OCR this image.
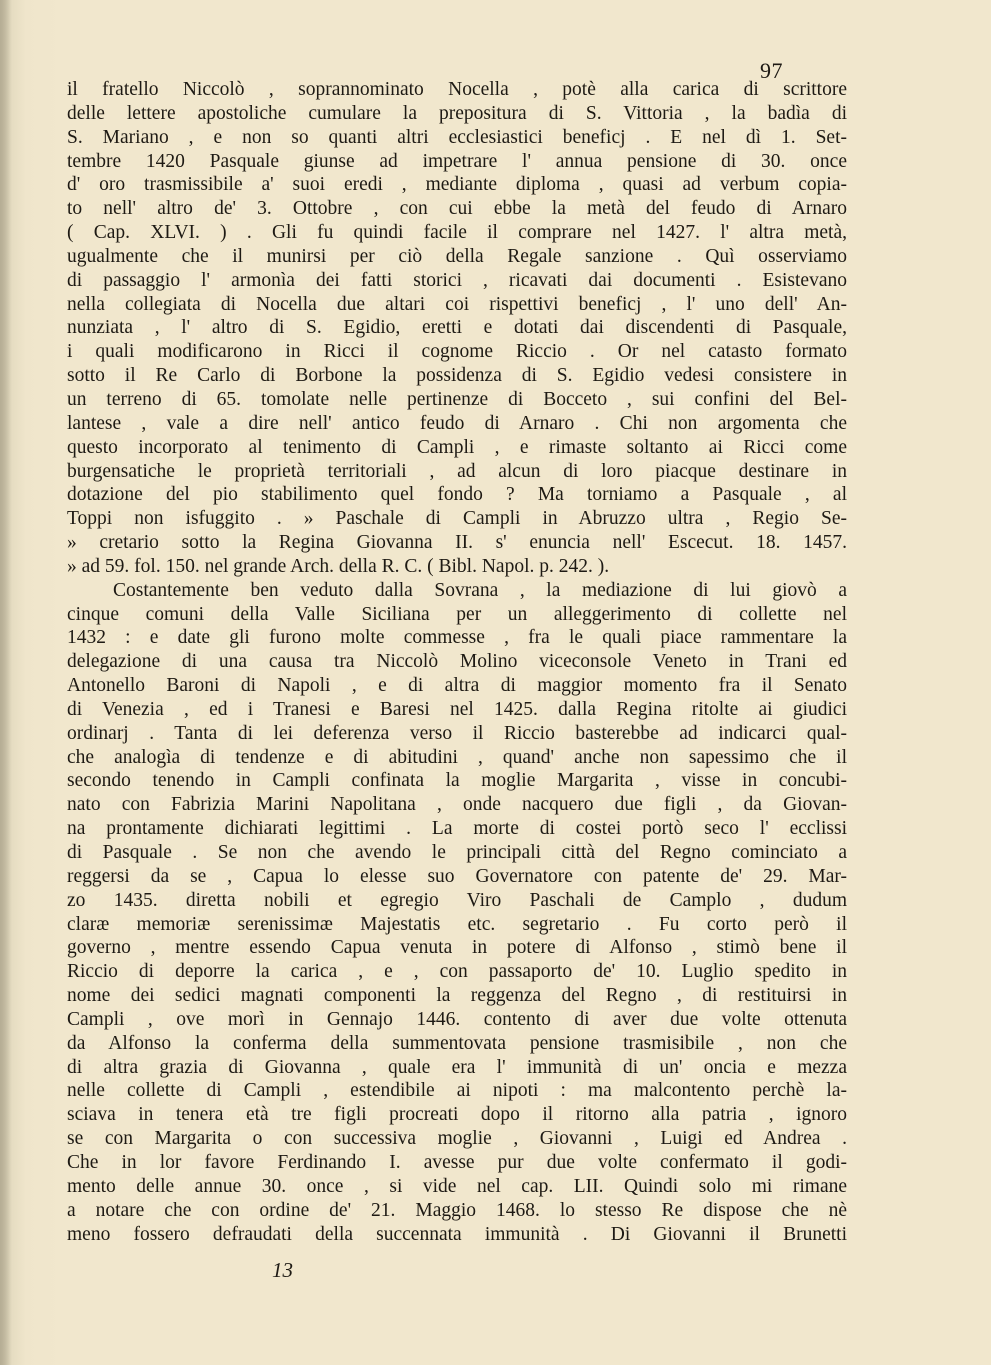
97
il fratello Niccolò , soprannominato Nocella , potè alla carica di scrittore
delle lettere apostoliche cumulare la prepositura di S. Vittoria , la badìa di
S. Mariano , e non so quanti altri ecclesiastici beneficj . E nel dì 1. Set-
tembre 1420 Pasquale giunse ad impetrare l' annua pensione di 30. once
d' oro trasmissibile a' suoi eredi , mediante diploma , quasi ad verbum copia-
to nell' altro de' 3. Ottobre , con cui ebbe la metà del feudo di Arnaro
( Cap. XLVI. ) . Gli fu quindi facile il comprare nel 1427. l' altra metà,
ugualmente che il munirsi per ciò della Regale sanzione . Quì osserviamo
di passaggio l' armonìa dei fatti storici , ricavati dai documenti . Esistevano
nella collegiata di Nocella due altari coi rispettivi beneficj , l' uno dell' An-
nunziata , l' altro di S. Egidio, eretti e dotati dai discendenti di Pasquale,
i quali modificarono in Ricci il cognome Riccio . Or nel catasto formato
sotto il Re Carlo di Borbone la possidenza di S. Egidio vedesi consistere in
un terreno di 65. tomolate nelle pertinenze di Bocceto , sui confini del Bel-
lantese , vale a dire nell' antico feudo di Arnaro . Chi non argomenta che
questo incorporato al tenimento di Campli , e rimaste soltanto ai Ricci come
burgensatiche le proprietà territoriali , ad alcun di loro piacque destinare in
dotazione del pio stabilimento quel fondo ? Ma torniamo a Pasquale , al
Toppi non isfuggito . » Paschale di Campli in Abruzzo ultra , Regio Se-
» cretario sotto la Regina Giovanna II. s' enuncia nell' Escecut. 18. 1457.
» ad 59. fol. 150. nel grande Arch. della R. C. ( Bibl. Napol. p. 242. ).
Costantemente ben veduto dalla Sovrana , la mediazione di lui giovò a
cinque comuni della Valle Siciliana per un alleggerimento di collette nel
1432 : e date gli furono molte commesse , fra le quali piace rammentare la
delegazione di una causa tra Niccolò Molino viceconsole Veneto in Trani ed
Antonello Baroni di Napoli , e di altra di maggior momento fra il Senato
di Venezia , ed i Tranesi e Baresi nel 1425. dalla Regina ritolte ai giudici
ordinarj . Tanta di lei deferenza verso il Riccio basterebbe ad indicarci qual-
che analogìa di tendenze e di abitudini , quand' anche non sapessimo che il
secondo tenendo in Campli confinata la moglie Margarita , visse in concubi-
nato con Fabrizia Marini Napolitana , onde nacquero due figli , da Giovan-
na prontamente dichiarati legittimi . La morte di costei portò seco l' ecclissi
di Pasquale . Se non che avendo le principali città del Regno cominciato a
reggersi da se , Capua lo elesse suo Governatore con patente de' 29. Mar-
zo 1435. diretta nobili et egregio Viro Paschali de Camplo , dudum
claræ memoriæ serenissimæ Majestatis etc. segretario . Fu corto però il
governo , mentre essendo Capua venuta in potere di Alfonso , stimò bene il
Riccio di deporre la carica , e , con passaporto de' 10. Luglio spedito in
nome dei sedici magnati componenti la reggenza del Regno , di restituirsi in
Campli , ove morì in Gennajo 1446. contento di aver due volte ottenuta
da Alfonso la conferma della summentovata pensione trasmisibile , non che
di altra grazia di Giovanna , quale era l' immunità di un' oncia e mezza
nelle collette di Campli , estendibile ai nipoti : ma malcontento perchè la-
sciava in tenera età tre figli procreati dopo il ritorno alla patria , ignoro
se con Margarita o con successiva moglie , Giovanni , Luigi ed Andrea .
Che in lor favore Ferdinando I. avesse pur due volte confermato il godi-
mento delle annue 30. once , si vide nel cap. LII. Quindi solo mi rimane
a notare che con ordine de' 21. Maggio 1468. lo stesso Re dispose che nè
meno fossero defraudati della succennata immunità . Di Giovanni il Brunetti
13
